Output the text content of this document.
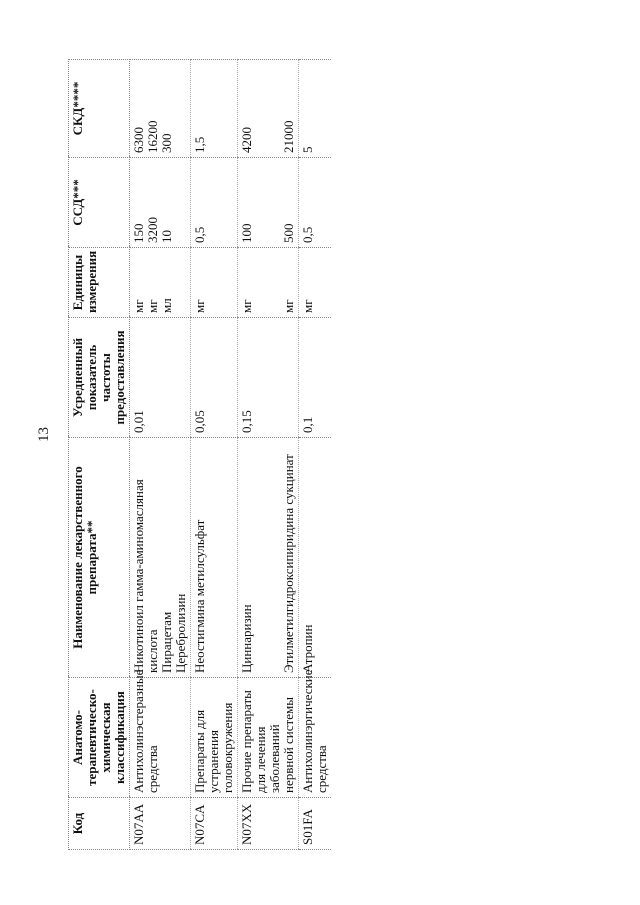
13
Код	Анатомо-терапевтическо-химическая классификация	Наименование лекарственного препарата**	Усредненный показатель частоты предоставления	Единицы измерения	ССД***	СКД****
N07AA	Антихолинэстеразные средства	Никотиноил гамма-аминомасляная кислота Пирацетам Церебролизин	0,01	мг мг мл	150 3200 10	6300 16200 300

N07CA	Препараты для устранения головокружения	Неостигмина метилсульфат	0,05	мг	0,5	1,5

N07XX	Прочие препараты для лечения заболеваний нервной системы	Циннаризин Этилметилгидроксипиридина сукцинат	0,15	мг мг	100 500	4200 21000

S01FA	Антихолинэргические средства	Атропин	0,1	мг	0,5	5
